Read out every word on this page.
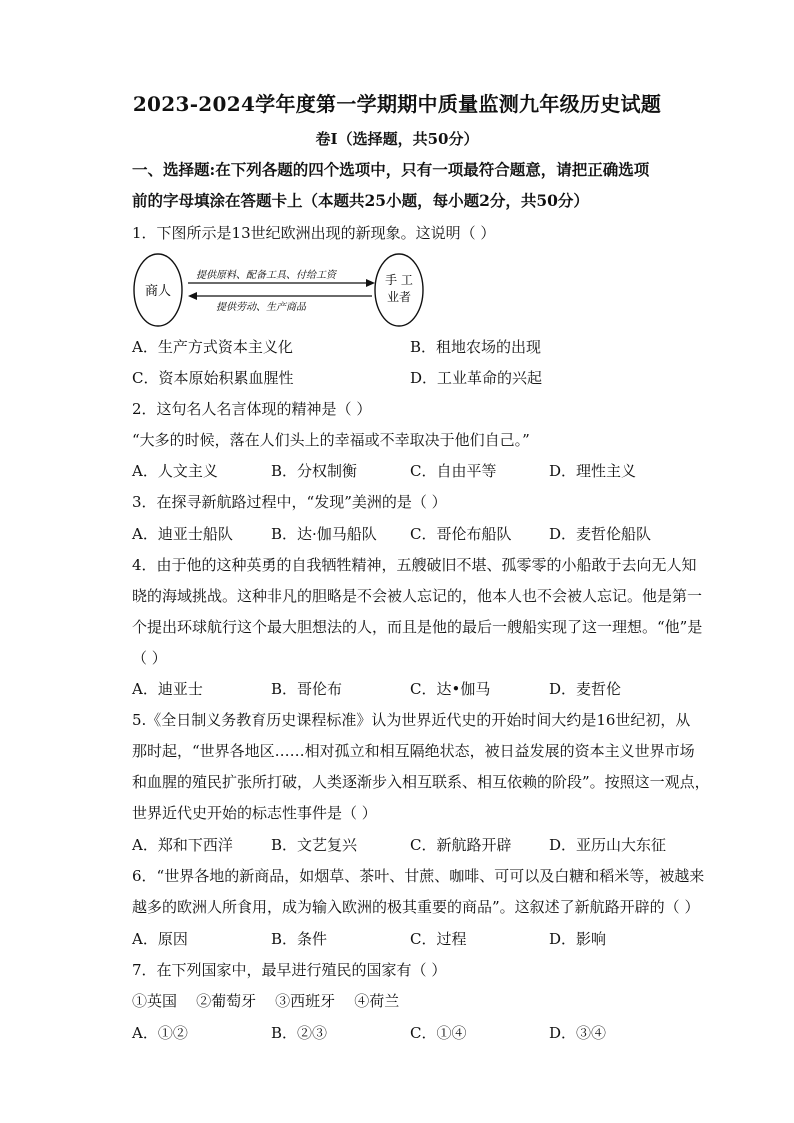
2023-2024学年度第一学期期中质量监测九年级历史试题
卷Ⅰ（选择题，共50分）
一、选择题:在下列各题的四个选项中，只有一项最符合题意，请把正确选项
前的字母填涂在答题卡上（本题共25小题，每小题2分，共50分）
1．下图所示是13世纪欧洲出现的新现象。这说明（ ）
商人
手 工
业者
提供原料、配备工具、付给工资
提供劳动、生产商品
A．生产方式资本主义化	B．租地农场的出现
C．资本原始积累血腥性	D．工业革命的兴起
2．这句名人名言体现的精神是（ ）
“大多的时候，落在人们头上的幸福或不幸取决于他们自己。”
A．人文主义	B．分权制衡	C．自由平等	D．理性主义
3．在探寻新航路过程中，“发现”美洲的是（ ）
A．迪亚士船队	B．达·伽马船队 C．哥伦布船队	D．麦哲伦船队
4．由于他的这种英勇的自我牺牲精神，五艘破旧不堪、孤零零的小船敢于去向无人知
晓的海域挑战。这种非凡的胆略是不会被人忘记的，他本人也不会被人忘记。他是第一
个提出环球航行这个最大胆想法的人，而且是他的最后一艘船实现了这一理想。“他”是
（ ）
A．迪亚士	B．哥伦布	C．达•伽马	D．麦哲伦
5.《全日制义务教育历史课程标准》认为世界近代史的开始时间大约是16世纪初，从
那时起，“世界各地区……相对孤立和相互隔绝状态，被日益发展的资本主义世界市场
和血腥的殖民扩张所打破，人类逐渐步入相互联系、相互依赖的阶段”。按照这一观点，
世界近代史开始的标志性事件是（ ）
A．郑和下西洋	B．文艺复兴	C．新航路开辟	D．亚历山大东征
6．“世界各地的新商品，如烟草、茶叶、甘蔗、咖啡、可可以及白糖和稻米等，被越来
越多的欧洲人所食用，成为输入欧洲的极其重要的商品”。这叙述了新航路开辟的（ ）
A．原因	B．条件	C．过程	D．影响
7．在下列国家中，最早进行殖民的国家有（ ）
①英国    ②葡萄牙    ③西班牙    ④荷兰
A．①②	B．②③	C．①④	D．③④
